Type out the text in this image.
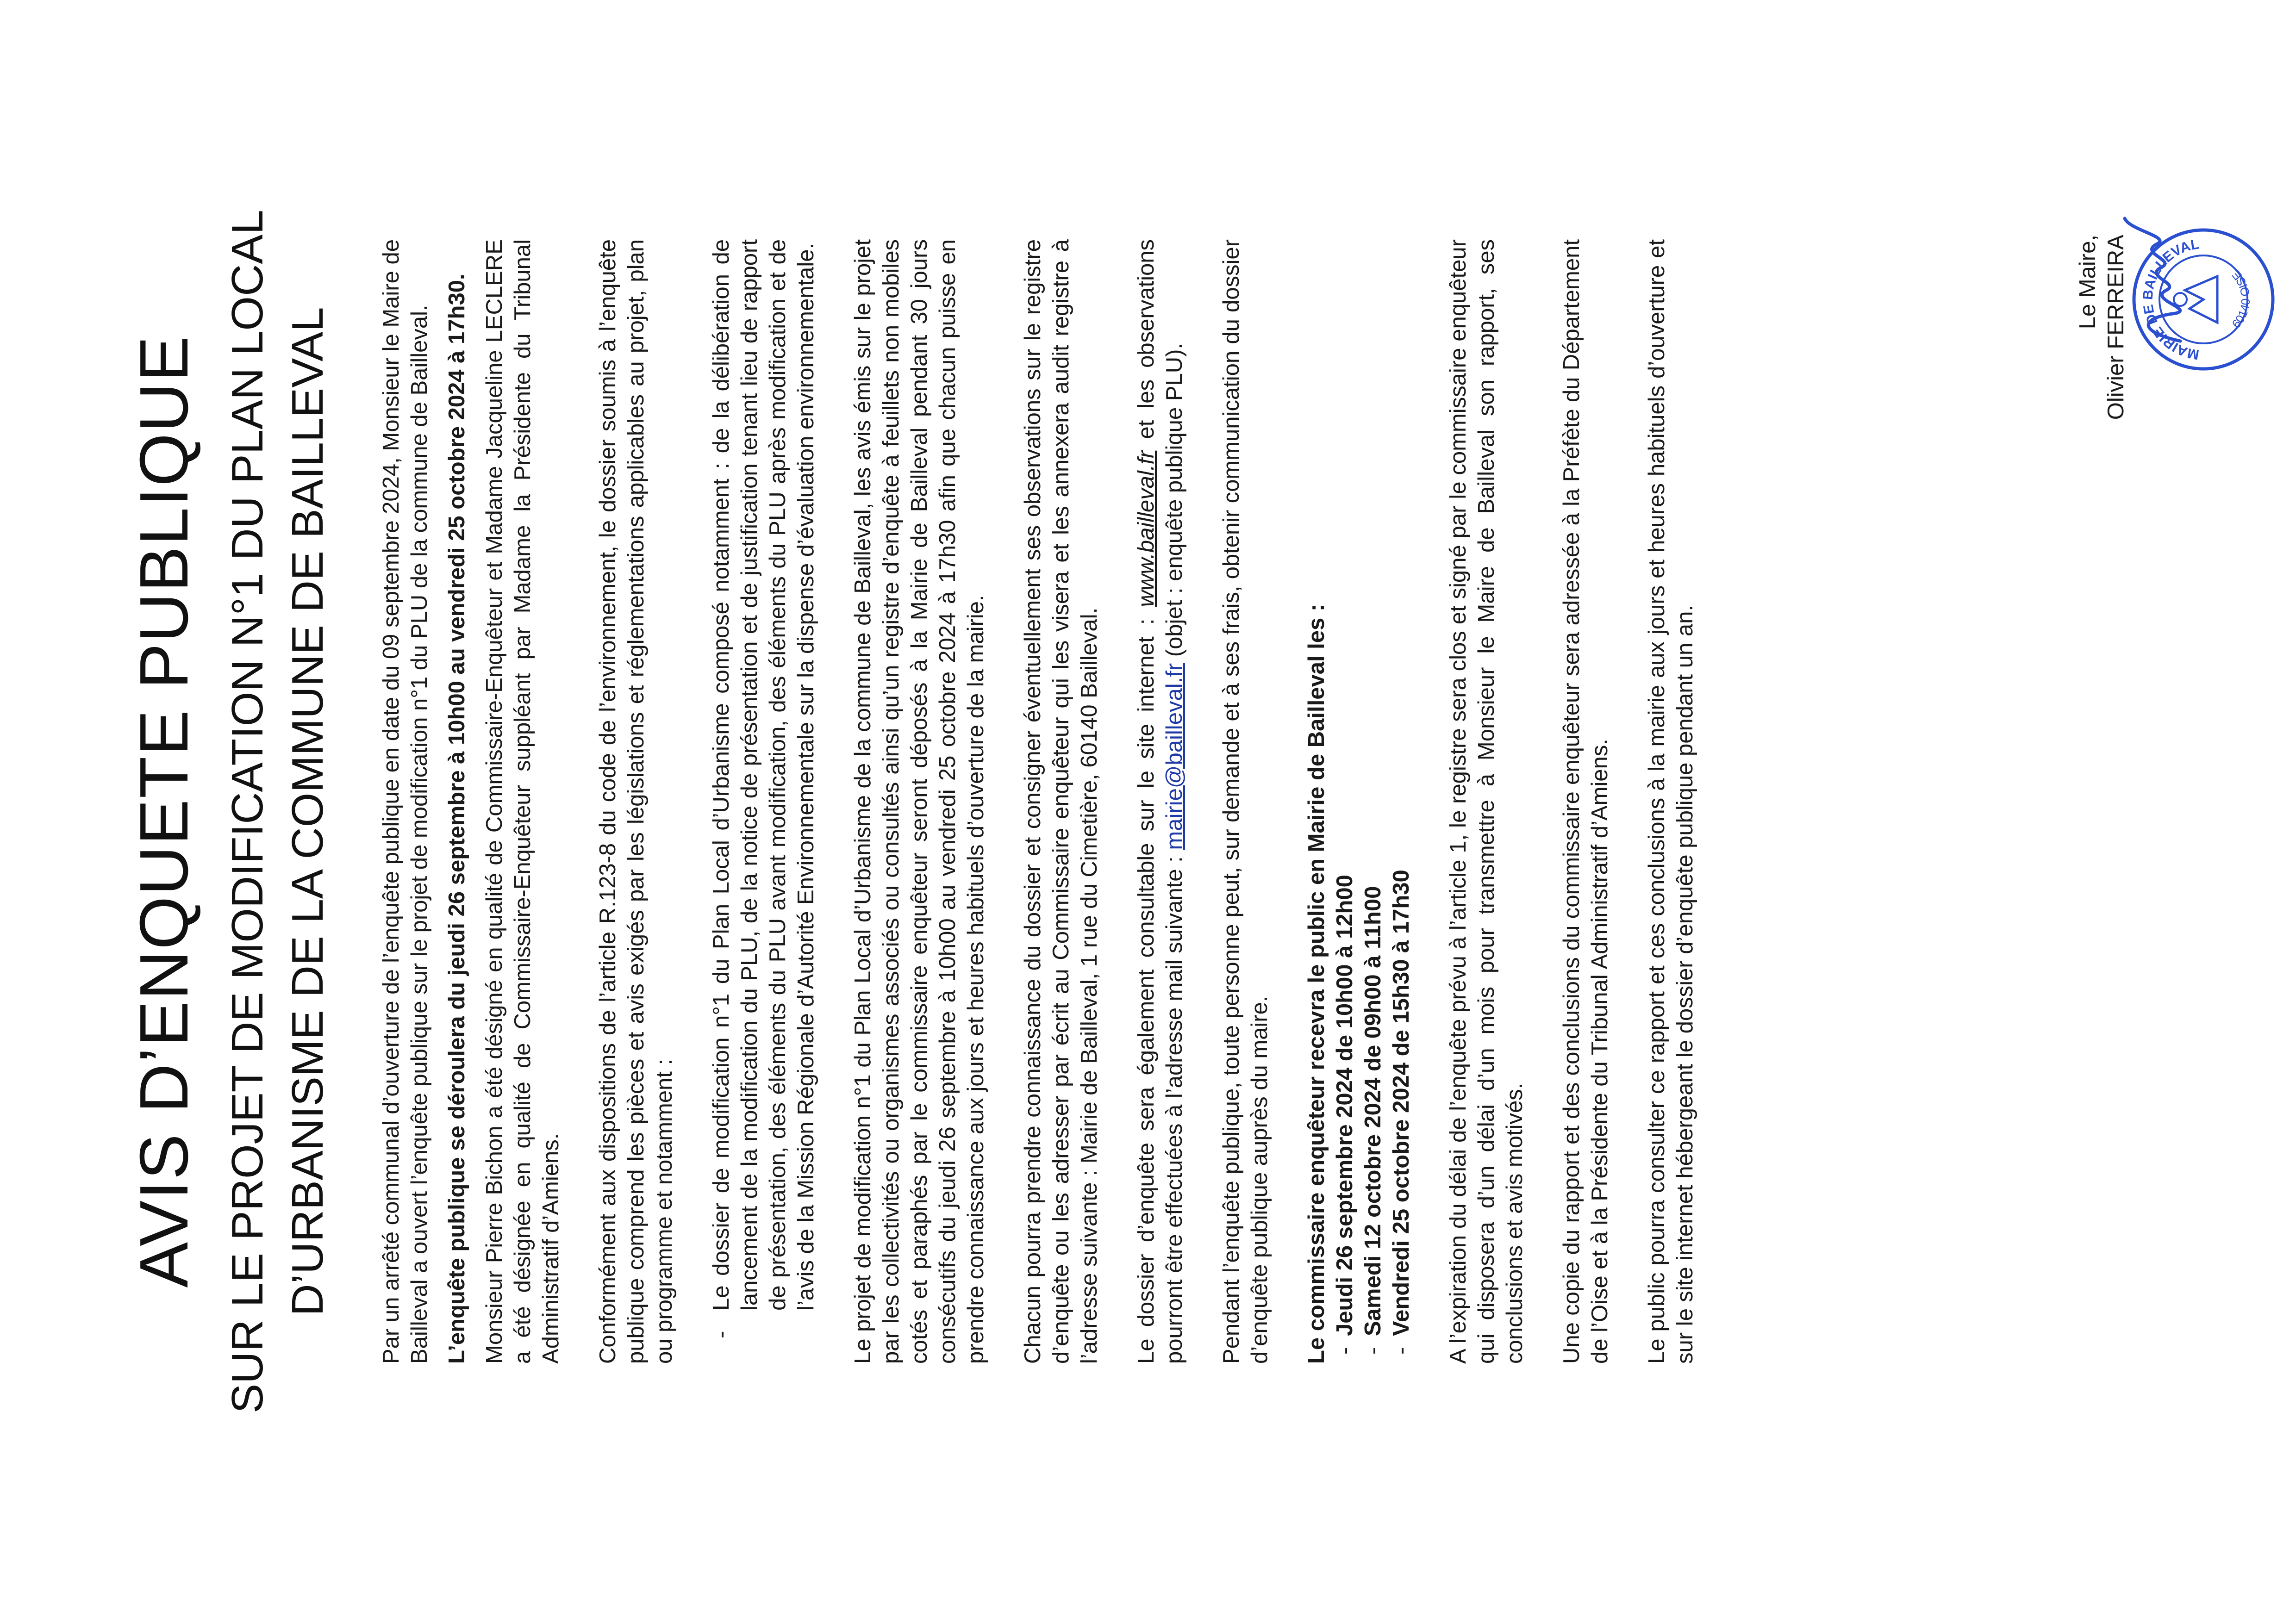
AVIS D’ENQUETE PUBLIQUE SUR LE PROJET DE MODIFICATION N°1 DU PLAN LOCAL D’URBANISME DE LA COMMUNE DE BAILLEVAL Par un arrêté communal d’ouverture de l’enquête publique en date du 09 septembre 2024, Monsieur le Maire de Bailleval a ouvert l’enquête publique sur le projet de modification n°1 du PLU de la commune de Bailleval. L’enquête publique se déroulera du jeudi 26 septembre à 10h00 au vendredi 25 octobre 2024 à 17h30. Monsieur Pierre Bichon a été désigné en qualité de Commissaire-Enquêteur et Madame Jacqueline LECLERE a été désignée en qualité de Commissaire-Enquêteur suppléant par Madame la Présidente du Tribunal Administratif d’Amiens. Conformément aux dispositions de l’article R.123-8 du code de l’environnement, le dossier soumis à l’enquête publique comprend les pièces et avis exigés par les législations et réglementations applicables au projet, plan ou programme et notamment : -
Le dossier de modification n°1 du Plan Local d’Urbanisme composé notamment : de la délibération de lancement de la modification du PLU, de la notice de présentation et de justification tenant lieu de rapport de présentation, des éléments du PLU avant modification, des éléments du PLU après modification et de l’avis de la Mission Régionale d’Autorité Environnementale sur la dispense d’évaluation environnementale. Le projet de modification n°1 du Plan Local d’Urbanisme de la commune de Bailleval, les avis émis sur le projet par les collectivités ou organismes associés ou consultés ainsi qu’un registre d’enquête à feuillets non mobiles cotés et paraphés par le commissaire enquêteur seront déposés à la Mairie de Bailleval pendant 30 jours consécutifs du jeudi 26 septembre à 10h00 au vendredi 25 octobre 2024 à 17h30 afin que chacun puisse en prendre connaissance aux jours et heures habituels d’ouverture de la mairie. Chacun pourra prendre connaissance du dossier et consigner éventuellement ses observations sur le registre d’enquête ou les adresser par écrit au Commissaire enquêteur qui les visera et les annexera audit registre à l’adresse suivante : Mairie de Bailleval, 1 rue du Cimetière, 60140 Bailleval. Le dossier d’enquête sera également consultable sur le site internet : www.bailleval.fr et les observations pourront être effectuées à l’adresse mail suivante : mairie@bailleval.fr (objet : enquête publique PLU). Pendant l’enquête publique, toute personne peut, sur demande et à ses frais, obtenir communication du dossier d’enquête publique auprès du maire. Le commissaire enquêteur recevra le public en Mairie de Bailleval les : -
Jeudi 26 septembre 2024 de 10h00 à 12h00
-
Samedi 12 octobre 2024 de 09h00 à 11h00
-
Vendredi 25 octobre 2024 de 15h30 à 17h30 A l’expiration du délai de l’enquête prévu à l’article 1, le registre sera clos et signé par le commissaire enquêteur qui disposera d’un délai d’un mois pour transmettre à Monsieur le Maire de Bailleval son rapport, ses conclusions et avis motivés. Une copie du rapport et des conclusions du commissaire enquêteur sera adressée à la Préfète du Département de l’Oise et à la Présidente du Tribunal Administratif d’Amiens. Le public pourra consulter ce rapport et ces conclusions à la mairie aux jours et heures habituels d’ouverture et sur le site internet hébergeant le dossier d’enquête publique pendant un an.

Le Maire, Olivier FERREIRA	MAIRIE DE BAILLEVAL
60140 OISE
